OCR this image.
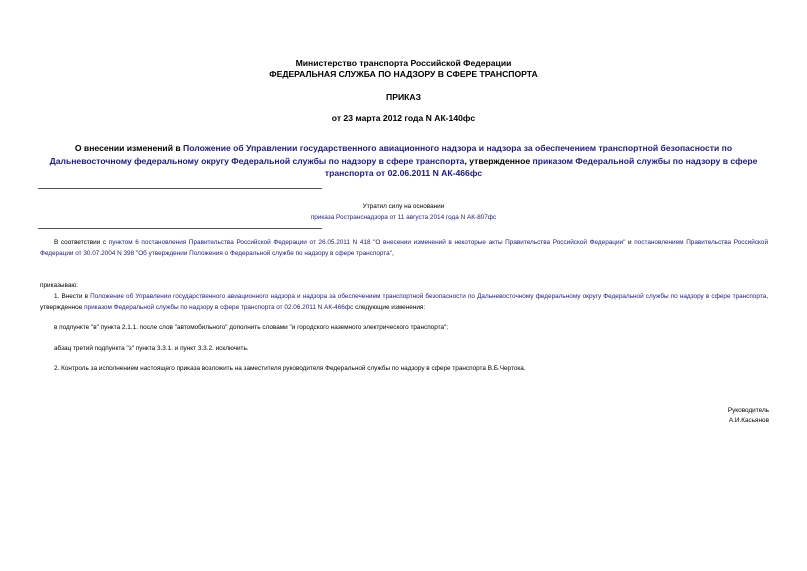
Министерство транспорта Российской Федерации
ФЕДЕРАЛЬНАЯ СЛУЖБА ПО НАДЗОРУ В СФЕРЕ ТРАНСПОРТА
ПРИКАЗ
от 23 марта 2012 года N АК-140фс
О внесении изменений в Положение об Управлении государственного авиационного надзора и надзора за обеспечением транспортной безопасности по Дальневосточному федеральному округу Федеральной службы по надзору в сфере транспорта, утвержденное приказом Федеральной службы по надзору в сфере транспорта от 02.06.2011 N АК-466фс
Утратил силу на основании
приказа Ространснадзора от 11 августа 2014 года N АК-807фс
В соответствии с пунктом 6 постановления Правительства Российской Федерации от 26.05.2011 N 418 "О внесении изменений в некоторые акты Правительства Российской Федерации" и постановлением Правительства Российской Федерации от 30.07.2004 N 398 "Об утверждении Положения о Федеральной службе по надзору в сфере транспорта",
приказываю:
1. Внести в Положение об Управлении государственного авиационного надзора и надзора за обеспечением транспортной безопасности по Дальневосточному федеральному округу Федеральной службы по надзору в сфере транспорта, утвержденное приказом Федеральной службы по надзору в сфере транспорта от 02.06.2011 N АК-466фс следующие изменения:
в подпункте "в" пункта 2.1.1. после слов "автомобильного" дополнить словами "и городского наземного электрического транспорта";
абзац третий подпункта "з" пункта 3.3.1. и пункт 3.3.2. исключить.
2. Контроль за исполнением настоящего приказа возложить на заместителя руководителя Федеральной службы по надзору в сфере транспорта В.Б.Чертока.
Руководитель
А.И.Касьянов
